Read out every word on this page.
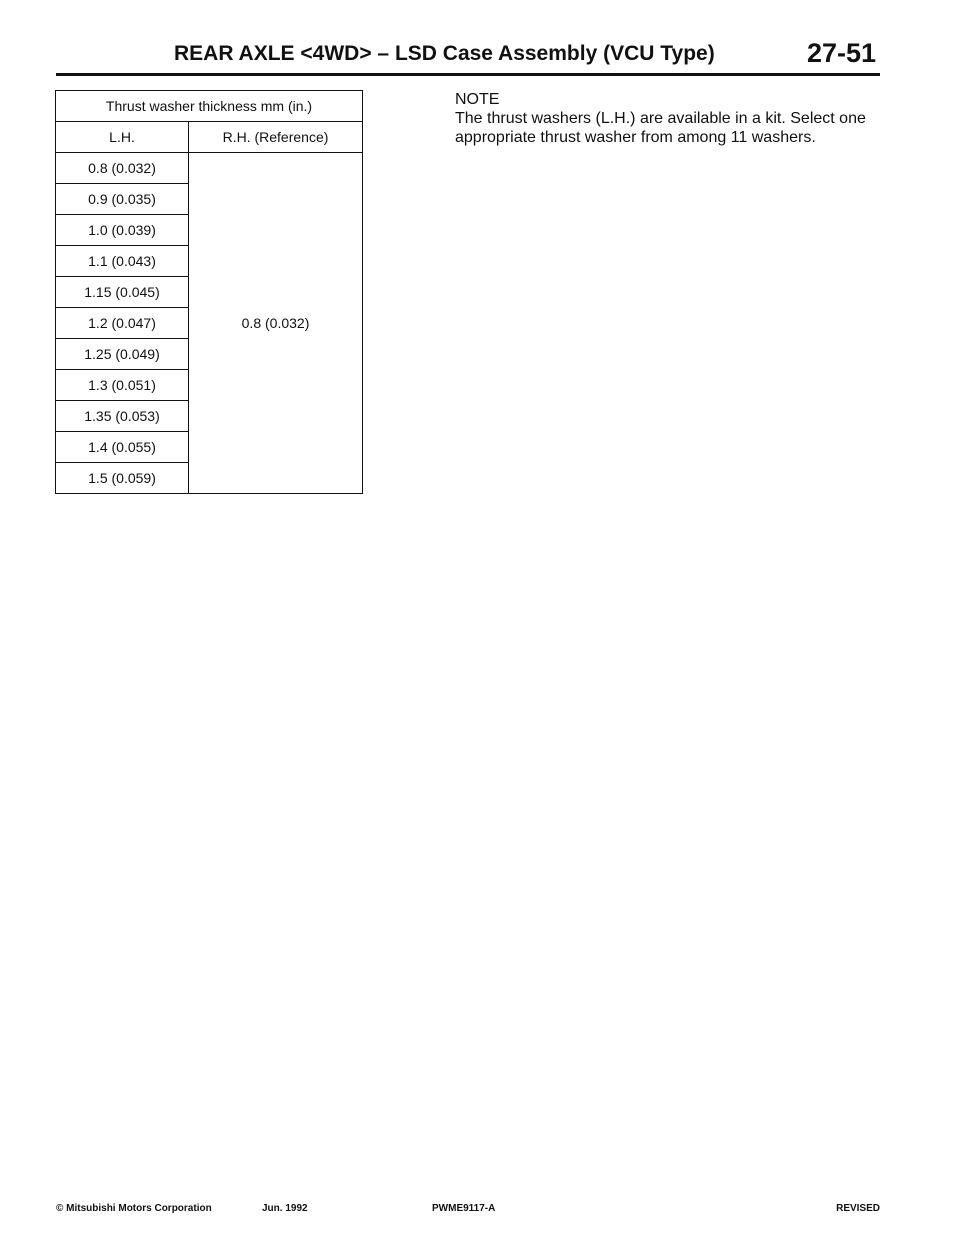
REAR AXLE <4WD> – LSD Case Assembly (VCU Type)	27-51
Thrust washer thickness mm (in.)	
L.H.	R.H. (Reference)
0.8 (0.032)	0.8 (0.032)
0.9 (0.035)	
1.0 (0.039)	
1.1 (0.043)	
1.15 (0.045)	
1.2 (0.047)	
1.25 (0.049)	
1.3 (0.051)	
1.35 (0.053)	
1.4 (0.055)	
1.5 (0.059)	
NOTE
The thrust washers (L.H.) are available in a kit. Select one appropriate thrust washer from among 11 washers.
© Mitsubishi Motors Corporation	Jun. 1992	PWME9117-A	REVISED
